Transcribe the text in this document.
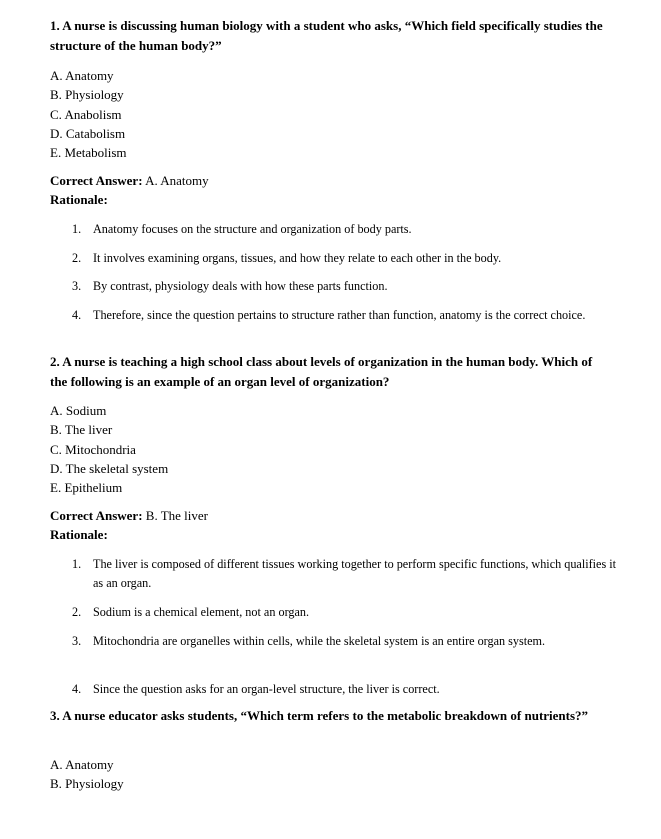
1. A nurse is discussing human biology with a student who asks, “Which field specifically studies the structure of the human body?”

A. Anatomy
B. Physiology
C. Anabolism
D. Catabolism
E. Metabolism

Correct Answer: A. Anatomy

Rationale:

1. Anatomy focuses on the structure and organization of body parts.
2. It involves examining organs, tissues, and how they relate to each other in the body.
3. By contrast, physiology deals with how these parts function.
4. Therefore, since the question pertains to structure rather than function, anatomy is the correct choice.

2. A nurse is teaching a high school class about levels of organization in the human body. Which of the following is an example of an organ level of organization?

A. Sodium
B. The liver
C. Mitochondria
D. The skeletal system
E. Epithelium

Correct Answer: B. The liver

Rationale:

1. The liver is composed of different tissues working together to perform specific functions, which qualifies it as an organ.
2. Sodium is a chemical element, not an organ.
3. Mitochondria are organelles within cells, while the skeletal system is an entire organ system.
4. Since the question asks for an organ-level structure, the liver is correct.

3. A nurse educator asks students, “Which term refers to the metabolic breakdown of nutrients?”

A. Anatomy
B. Physiology
